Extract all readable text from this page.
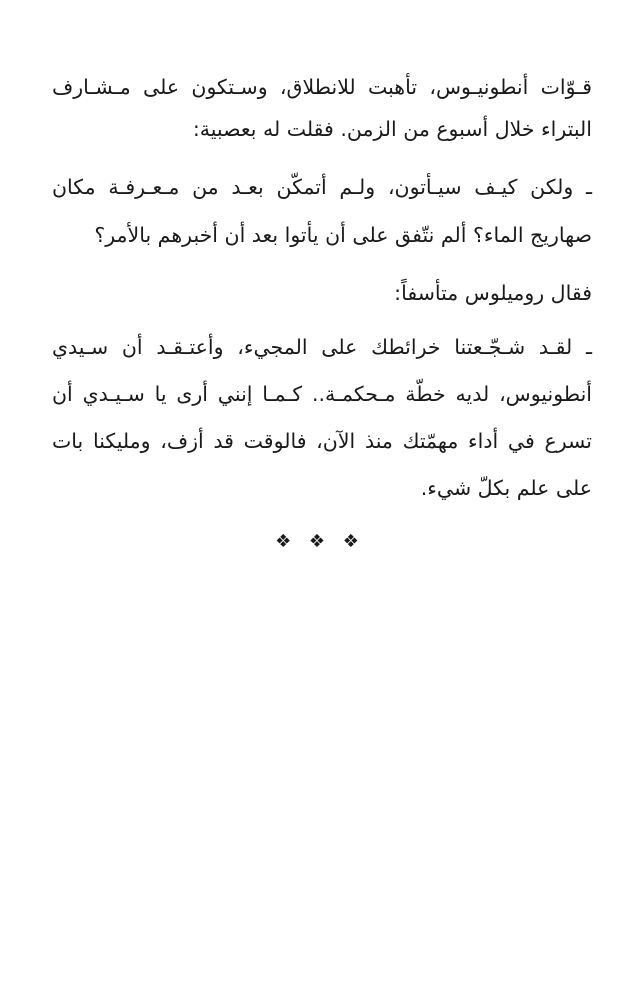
قـوّات أنطونيـوس، تأهبت للانطلاق، وسـتكون على مـشـارف
البتراء خلال أسبوع من الزمن. فقلت له بعصبية:
ـ ولكن كيـف سيـأتون، ولـم أتمكّن بعـد من مـعـرفـة مكان
صهاريج الماء؟ ألم نتّفق على أن يأتوا بعد أن أخبرهم بالأمر؟
فقال روميلوس متأسفاً:
ـ لقـد شـجّـعتنا خرائطك على المجيء، وأعتـقـد أن سـيدي
أنطونيوس، لديه خطّة مـحكمـة.. كـمـا إنني أرى يا سـيـدي أن
تسرع في أداء مهمّتك منذ الآن، فالوقت قد أزف، ومليكنا بات
على علم بكلّ شيء.
❖ ❖ ❖
